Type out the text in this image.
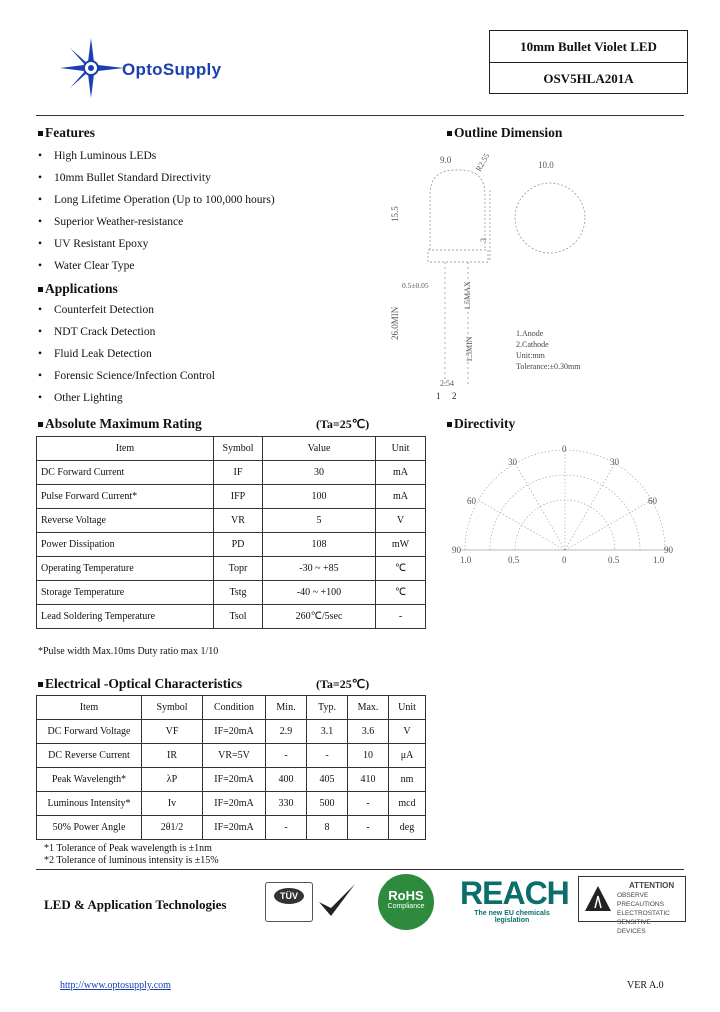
OptoSupply
10mm Bullet Violet LED
OSV5HLA201A
Features
• High Luminous LEDs
• 10mm Bullet Standard Directivity
• Long Lifetime Operation (Up to 100,000 hours)
• Superior Weather-resistance
• UV Resistant Epoxy
• Water Clear Type
Applications
• Counterfeit Detection
• NDT Crack Detection
• Fluid Leak Detection
• Forensic Science/Infection Control
• Other Lighting
Outline Dimension
9.0	10.0
R2.55
15.5
3
0.5±0.05	1.5MAX
26.0MIN
1.5MIN
2.54
1 2
1.Anode
2.Cathode
Unit:mm
Tolerance:±0.30mm
Absolute Maximum Rating	(Ta=25℃)
Item	Symbol	Value	Unit
DC Forward Current	IF	30	mA
Pulse Forward Current*	IFP	100	mA
Reverse Voltage	VR	5	V
Power Dissipation	PD	108	mW
Operating Temperature	Topr	-30 ~ +85	℃
Storage Temperature	Tstg	-40 ~ +100	℃
Lead Soldering Temperature	Tsol	260℃/5sec	-
*Pulse width Max.10ms Duty ratio max 1/10
Directivity
0
30	30
60	60
90	90
1.0	0.5	0	0.5	1.0
Electrical -Optical Characteristics	(Ta=25℃)
Item	Symbol	Condition	Min.	Typ.	Max.	Unit
DC Forward Voltage	VF	IF=20mA	2.9	3.1	3.6	V
DC Reverse Current	IR	VR=5V	-	-	10	μA
Peak Wavelength*	λP	IF=20mA	400	405	410	nm
Luminous Intensity*	Iv	IF=20mA	330	500	-	mcd
50% Power Angle	2θ1/2	IF=20mA	-	8	-	deg
*1 Tolerance of Peak wavelength is ±1nm
*2 Tolerance of luminous intensity is ±15%
LED & Application Technologies
TÜV	RoHS
Compliance REACH
The new EU chemicals legislation
ATTENTION
OBSERVE PRECAUTIONS ELECTROSTATIC SENSITIVE DEVICES
http://www.optosupply.com	VER A.0
